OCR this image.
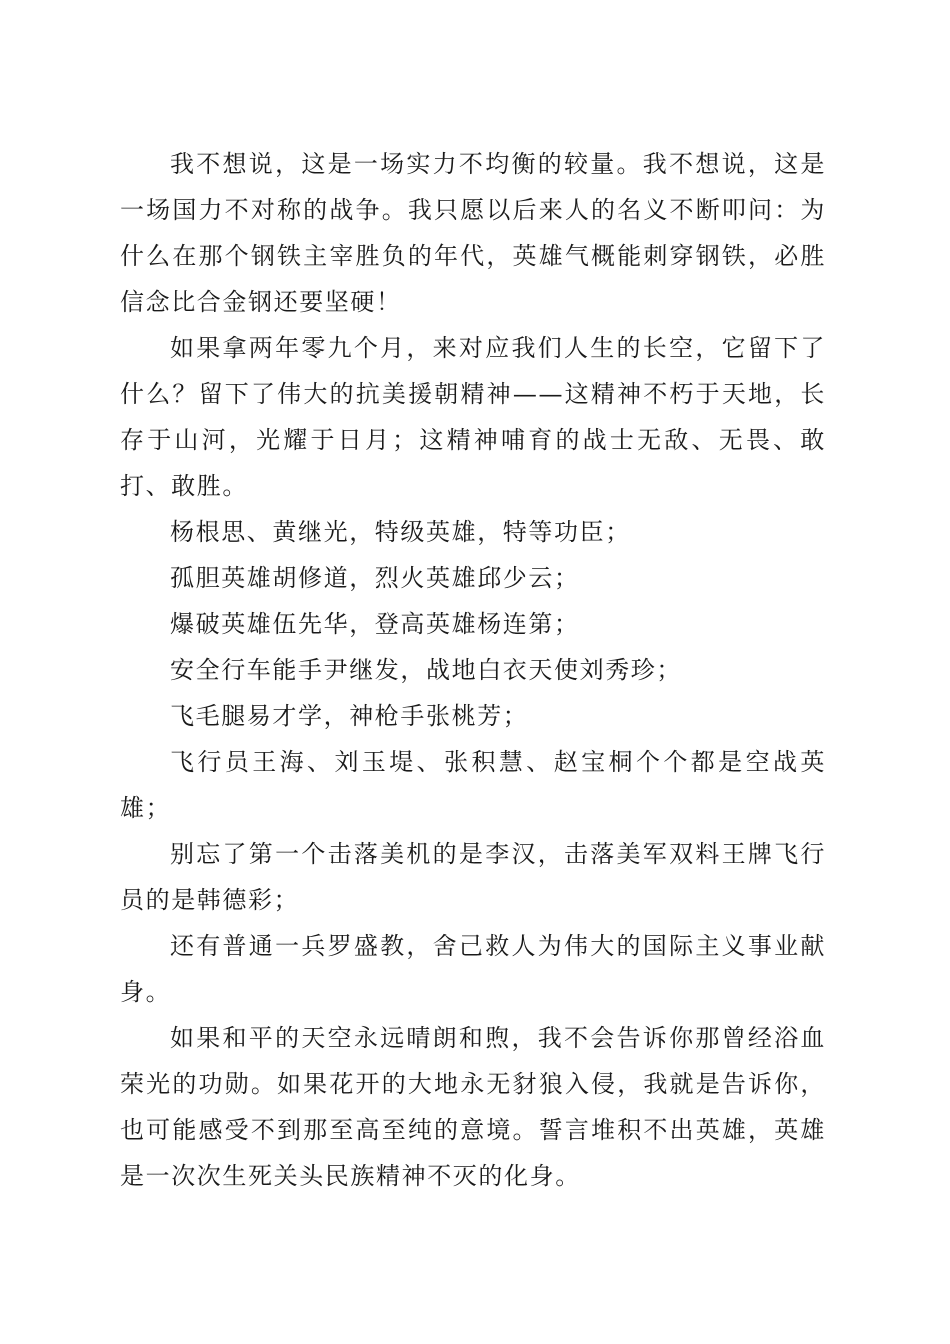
我不想说，这是一场实力不均衡的较量。我不想说，这是一场国力不对称的战争。我只愿以后来人的名义不断叩问：为什么在那个钢铁主宰胜负的年代，英雄气概能刺穿钢铁，必胜信念比合金钢还要坚硬！

如果拿两年零九个月，来对应我们人生的长空，它留下了什么？留下了伟大的抗美援朝精神——这精神不朽于天地，长存于山河，光耀于日月；这精神哺育的战士无敌、无畏、敢打、敢胜。

杨根思、黄继光，特级英雄，特等功臣；

孤胆英雄胡修道，烈火英雄邱少云；

爆破英雄伍先华，登高英雄杨连第；

安全行车能手尹继发，战地白衣天使刘秀珍；

飞毛腿易才学，神枪手张桃芳；

飞行员王海、刘玉堤、张积慧、赵宝桐个个都是空战英雄；

别忘了第一个击落美机的是李汉，击落美军双料王牌飞行员的是韩德彩；

还有普通一兵罗盛教，舍己救人为伟大的国际主义事业献身。

如果和平的天空永远晴朗和煦，我不会告诉你那曾经浴血荣光的功勋。如果花开的大地永无豺狼入侵，我就是告诉你，也可能感受不到那至高至纯的意境。誓言堆积不出英雄，英雄是一次次生死关头民族精神不灭的化身。
